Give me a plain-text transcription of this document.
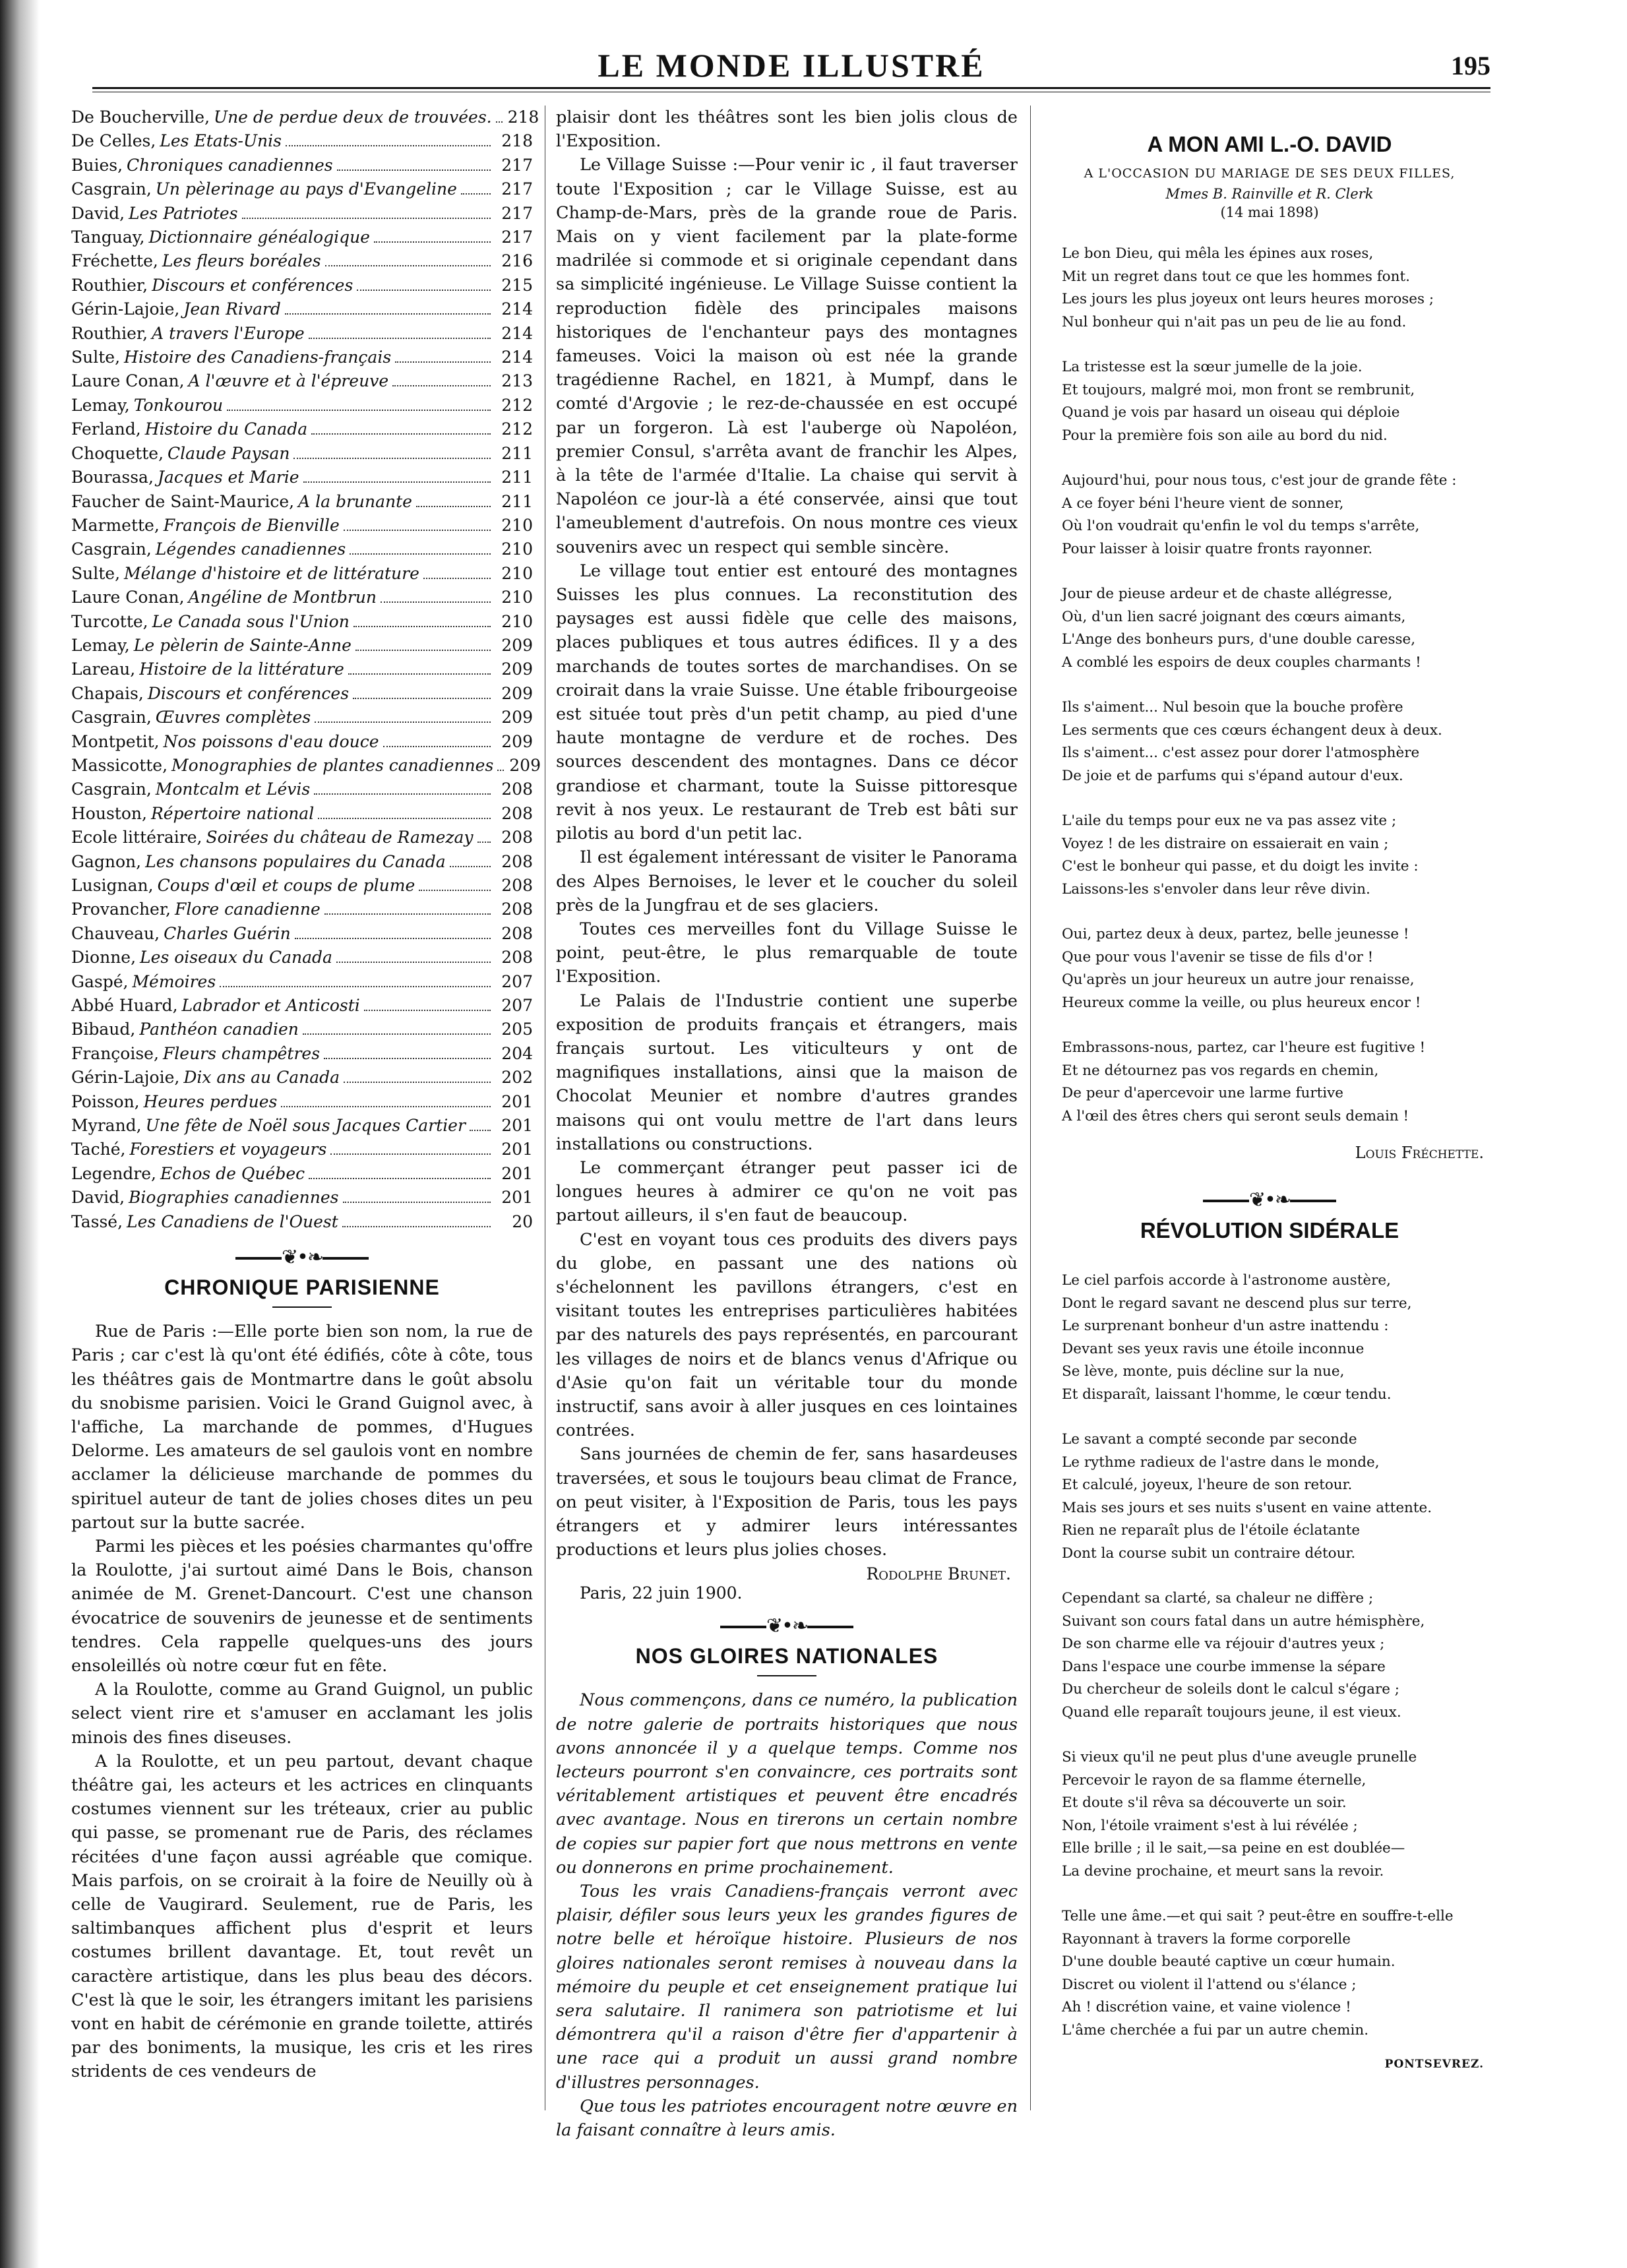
LE MONDE ILLUSTRÉ	195
De Boucherville, Une de perdue deux de trouvées. 218
De Celles, Les Etats-Unis	218
Buies, Chroniques canadiennes	217
Casgrain, Un pèlerinage au pays d'Evangeline	217
David, Les Patriotes	217
Tanguay, Dictionnaire généalogique	217
Fréchette, Les fleurs boréales	216
Routhier, Discours et conférences	215
Gérin-Lajoie, Jean Rivard	214
Routhier, A travers l'Europe	214
Sulte, Histoire des Canadiens-français	214
Laure Conan, A l'œuvre et à l'épreuve	213
Lemay, Tonkourou	212
Ferland, Histoire du Canada	212
Choquette, Claude Paysan	211
Bourassa, Jacques et Marie	211
Faucher de Saint-Maurice, A la brunante	211
Marmette, François de Bienville	210
Casgrain, Légendes canadiennes	210
Sulte, Mélange d'histoire et de littérature	210
Laure Conan, Angéline de Montbrun	210
Turcotte, Le Canada sous l'Union	210
Lemay, Le pèlerin de Sainte-Anne	209
Lareau, Histoire de la littérature	209
Chapais, Discours et conférences	209
Casgrain, Œuvres complètes	209
Montpetit, Nos poissons d'eau douce	209
Massicotte, Monographies de plantes canadiennes 209
Casgrain, Montcalm et Lévis	208
Houston, Répertoire national	208
Ecole littéraire, Soirées du château de Ramezay	208
Gagnon, Les chansons populaires du Canada	208
Lusignan, Coups d'œil et coups de plume	208
Provancher, Flore canadienne	208
Chauveau, Charles Guérin	208
Dionne, Les oiseaux du Canada	208
Gaspé, Mémoires	207
Abbé Huard, Labrador et Anticosti	207
Bibaud, Panthéon canadien	205
Françoise, Fleurs champêtres	204
Gérin-Lajoie, Dix ans au Canada	202
Poisson, Heures perdues	201
Myrand, Une fête de Noël sous Jacques Cartier	201
Taché, Forestiers et voyageurs	201
Legendre, Echos de Québec	201
David, Biographies canadiennes	201
Tassé, Les Canadiens de l'Ouest	20
❦•❧
CHRONIQUE PARISIENNE

Rue de Paris :—Elle porte bien son nom, la rue de Paris ; car c'est là qu'ont été édifiés, côte à côte, tous les théâtres gais de Montmartre dans le goût absolu du snobisme parisien. Voici le Grand Guignol avec, à l'affiche, La marchande de pommes, d'Hugues Delorme. Les amateurs de sel gaulois vont en nombre acclamer la délicieuse marchande de pommes du spirituel auteur de tant de jolies choses dites un peu partout sur la butte sacrée.

Parmi les pièces et les poésies charmantes qu'offre la Roulotte, j'ai surtout aimé Dans le Bois, chanson animée de M. Grenet-Dancourt. C'est une chanson évocatrice de souvenirs de jeunesse et de sentiments tendres. Cela rappelle quelques-uns des jours ensoleillés où notre cœur fut en fête.

A la Roulotte, comme au Grand Guignol, un public select vient rire et s'amuser en acclamant les jolis minois des fines diseuses.

A la Roulotte, et un peu partout, devant chaque théâtre gai, les acteurs et les actrices en clinquants costumes viennent sur les tréteaux, crier au public qui passe, se promenant rue de Paris, des réclames récitées d'une façon aussi agréable que comique. Mais parfois, on se croirait à la foire de Neuilly où à celle de Vaugirard. Seulement, rue de Paris, les saltimbanques affichent plus d'esprit et leurs costumes brillent davantage. Et, tout revêt un caractère artistique, dans les plus beau des décors. C'est là que le soir, les étrangers imitant les parisiens vont en habit de cérémonie en grande toilette, attirés par des boniments, la musique, les cris et les rires stridents de ces vendeurs de

plaisir dont les théâtres sont les bien jolis clous de l'Exposition.

Le Village Suisse :—Pour venir ic , il faut traverser toute l'Exposition ; car le Village Suisse, est au Champ-de-Mars, près de la grande roue de Paris. Mais on y vient facilement par la plate-forme madrilée si commode et si originale cependant dans sa simplicité ingénieuse. Le Village Suisse contient la reproduction fidèle des principales maisons historiques de l'enchanteur pays des montagnes fameuses. Voici la maison où est née la grande tragédienne Rachel, en 1821, à Mumpf, dans le comté d'Argovie ; le rez-de-chaussée en est occupé par un forgeron. Là est l'auberge où Napoléon, premier Consul, s'arrêta avant de franchir les Alpes, à la tête de l'armée d'Italie. La chaise qui servit à Napoléon ce jour-là a été conservée, ainsi que tout l'ameublement d'autrefois. On nous montre ces vieux souvenirs avec un respect qui semble sincère.

Le village tout entier est entouré des montagnes Suisses les plus connues. La reconstitution des paysages est aussi fidèle que celle des maisons, places publiques et tous autres édifices. Il y a des marchands de toutes sortes de marchandises. On se croirait dans la vraie Suisse. Une étable fribourgeoise est située tout près d'un petit champ, au pied d'une haute montagne de verdure et de roches. Des sources descendent des montagnes. Dans ce décor grandiose et charmant, toute la Suisse pittoresque revit à nos yeux. Le restaurant de Treb est bâti sur pilotis au bord d'un petit lac.

Il est également intéressant de visiter le Panorama des Alpes Bernoises, le lever et le coucher du soleil près de la Jungfrau et de ses glaciers.

Toutes ces merveilles font du Village Suisse le point, peut-être, le plus remarquable de toute l'Exposition.

Le Palais de l'Industrie contient une superbe exposition de produits français et étrangers, mais français surtout. Les viticulteurs y ont de magnifiques installations, ainsi que la maison de Chocolat Meunier et nombre d'autres grandes maisons qui ont voulu mettre de l'art dans leurs installations ou constructions.

Le commerçant étranger peut passer ici de longues heures à admirer ce qu'on ne voit pas partout ailleurs, il s'en faut de beaucoup.

C'est en voyant tous ces produits des divers pays du globe, en passant une des nations où s'échelonnent les pavillons étrangers, c'est en visitant toutes les entreprises particulières habitées par des naturels des pays représentés, en parcourant les villages de noirs et de blancs venus d'Afrique ou d'Asie qu'on fait un véritable tour du monde instructif, sans avoir à aller jusques en ces lointaines contrées.

Sans journées de chemin de fer, sans hasardeuses traversées, et sous le toujours beau climat de France, on peut visiter, à l'Exposition de Paris, tous les pays étrangers et y admirer leurs intéressantes productions et leurs plus jolies choses.

Rodolphe Brunet.
Paris, 22 juin 1900.
❦•❧
NOS GLOIRES NATIONALES

Nous commençons, dans ce numéro, la publication de notre galerie de portraits historiques que nous avons annoncée il y a quelque temps. Comme nos lecteurs pourront s'en convaincre, ces portraits sont véritablement artistiques et peuvent être encadrés avec avantage. Nous en tirerons un certain nombre de copies sur papier fort que nous mettrons en vente ou donnerons en prime prochainement.

Tous les vrais Canadiens-français verront avec plaisir, défiler sous leurs yeux les grandes figures de notre belle et héroïque histoire. Plusieurs de nos gloires nationales seront remises à nouveau dans la mémoire du peuple et cet enseignement pratique lui sera salutaire. Il ranimera son patriotisme et lui démontrera qu'il a raison d'être fier d'appartenir à une race qui a produit un aussi grand nombre d'illustres personnages.

Que tous les patriotes encouragent notre œuvre en la faisant connaître à leurs amis.

A MON AMI L.-O. DAVID
A L'OCCASION DU MARIAGE DE SES DEUX FILLES,
Mmes B. Rainville et R. Clerk
(14 mai 1898)
Le bon Dieu, qui mêla les épines aux roses,
Mit un regret dans tout ce que les hommes font.
Les jours les plus joyeux ont leurs heures moroses ;
Nul bonheur qui n'ait pas un peu de lie au fond.
La tristesse est la sœur jumelle de la joie.
Et toujours, malgré moi, mon front se rembrunit,
Quand je vois par hasard un oiseau qui déploie
Pour la première fois son aile au bord du nid.
Aujourd'hui, pour nous tous, c'est jour de grande fête :
A ce foyer béni l'heure vient de sonner,
Où l'on voudrait qu'enfin le vol du temps s'arrête,
Pour laisser à loisir quatre fronts rayonner.
Jour de pieuse ardeur et de chaste allégresse,
Où, d'un lien sacré joignant des cœurs aimants,
L'Ange des bonheurs purs, d'une double caresse,
A comblé les espoirs de deux couples charmants !
Ils s'aiment... Nul besoin que la bouche profère
Les serments que ces cœurs échangent deux à deux.
Ils s'aiment... c'est assez pour dorer l'atmosphère
De joie et de parfums qui s'épand autour d'eux.
L'aile du temps pour eux ne va pas assez vite ;
Voyez ! de les distraire on essaierait en vain ;
C'est le bonheur qui passe, et du doigt les invite :
Laissons-les s'envoler dans leur rêve divin.
Oui, partez deux à deux, partez, belle jeunesse !
Que pour vous l'avenir se tisse de fils d'or !
Qu'après un jour heureux un autre jour renaisse,
Heureux comme la veille, ou plus heureux encor !
Embrassons-nous, partez, car l'heure est fugitive !
Et ne détournez pas vos regards en chemin,
De peur d'apercevoir une larme furtive
A l'œil des êtres chers qui seront seuls demain !
Louis Fréchette.
❦•❧
RÉVOLUTION SIDÉRALE
Le ciel parfois accorde à l'astronome austère,
Dont le regard savant ne descend plus sur terre,
Le surprenant bonheur d'un astre inattendu :
Devant ses yeux ravis une étoile inconnue
Se lève, monte, puis décline sur la nue,
Et disparaît, laissant l'homme, le cœur tendu.
Le savant a compté seconde par seconde
Le rythme radieux de l'astre dans le monde,
Et calculé, joyeux, l'heure de son retour.
Mais ses jours et ses nuits s'usent en vaine attente.
Rien ne reparaît plus de l'étoile éclatante
Dont la course subit un contraire détour.
Cependant sa clarté, sa chaleur ne diffère ;
Suivant son cours fatal dans un autre hémisphère,
De son charme elle va réjouir d'autres yeux ;
Dans l'espace une courbe immense la sépare
Du chercheur de soleils dont le calcul s'égare ;
Quand elle reparaît toujours jeune, il est vieux.
Si vieux qu'il ne peut plus d'une aveugle prunelle
Percevoir le rayon de sa flamme éternelle,
Et doute s'il rêva sa découverte un soir.
Non, l'étoile vraiment s'est à lui révélée ;
Elle brille ; il le sait,—sa peine en est doublée—
La devine prochaine, et meurt sans la revoir.
Telle une âme.—et qui sait ? peut-être en souffre-t-elle
Rayonnant à travers la forme corporelle
D'une double beauté captive un cœur humain.
Discret ou violent il l'attend ou s'élance ;
Ah ! discrétion vaine, et vaine violence !
L'âme cherchée a fui par un autre chemin.
PONTSEVREZ.
